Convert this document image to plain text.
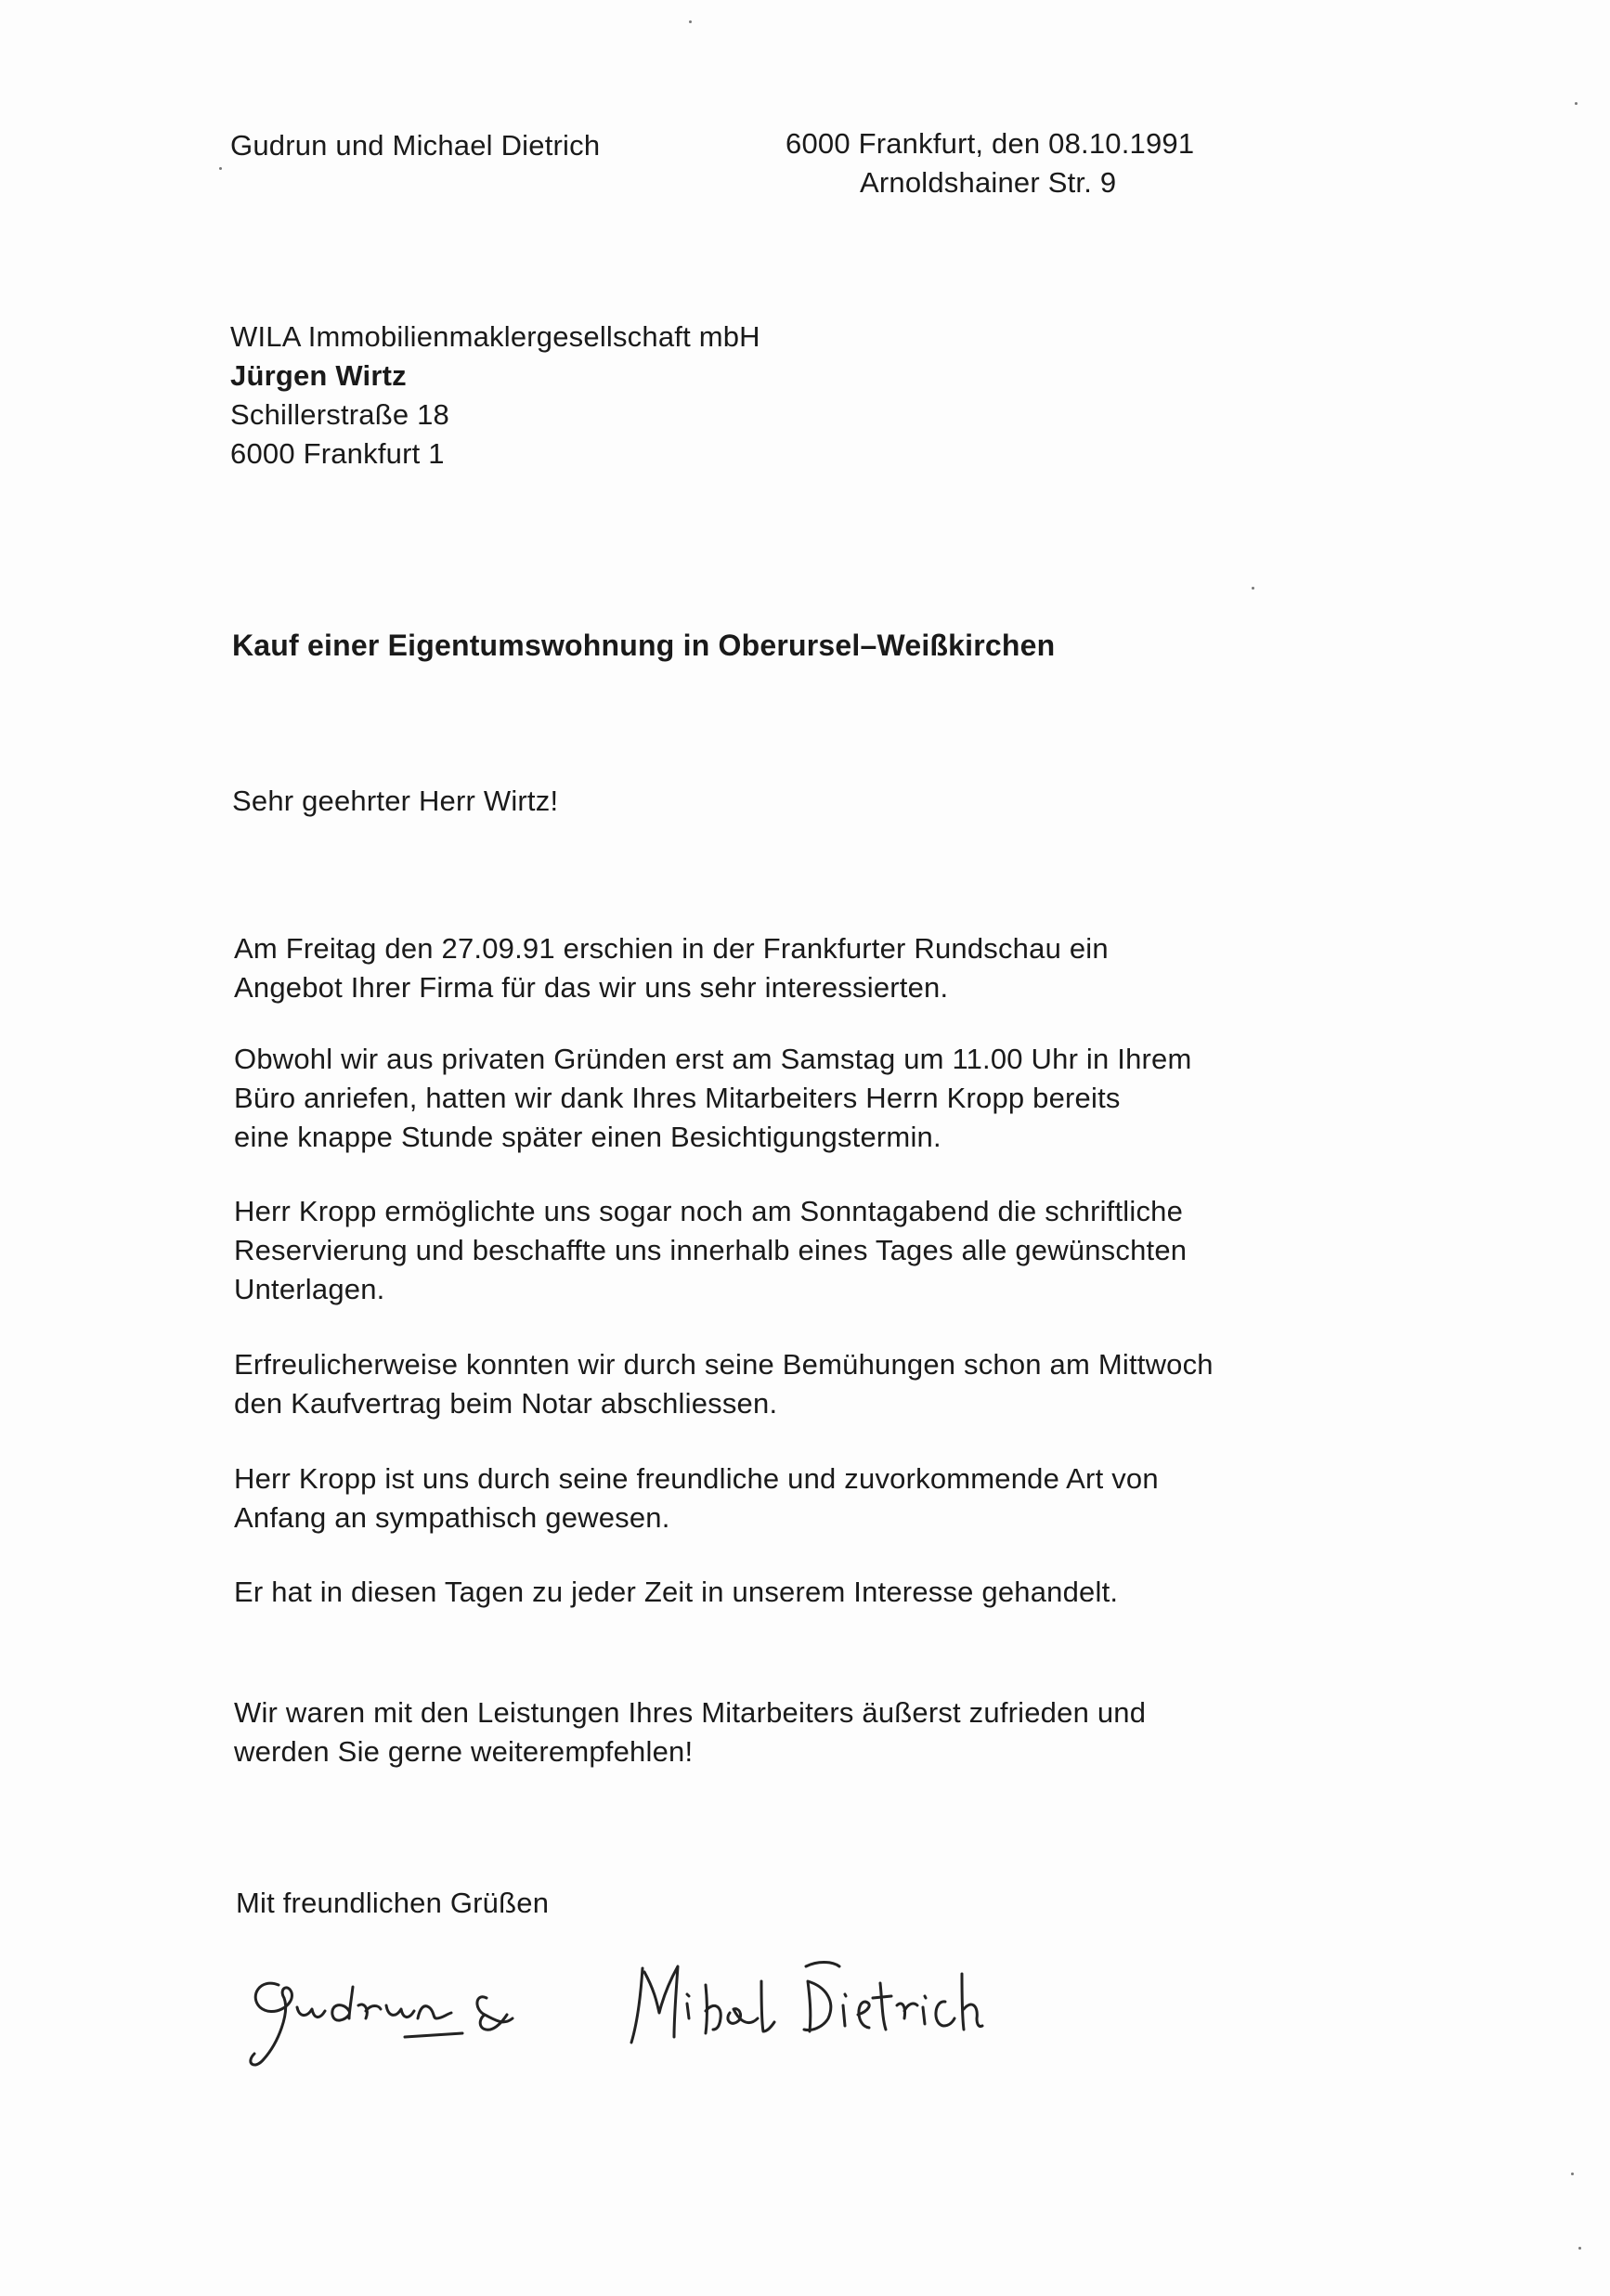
Gudrun und Michael Dietrich	6000 Frankfurt, den 08.10.1991
Arnoldshainer Str. 9
WILA Immobilienmaklergesellschaft mbH
Jürgen Wirtz
Schillerstraße 18
6000 Frankfurt 1
Kauf einer Eigentumswohnung in Oberursel–Weißkirchen
Sehr geehrter Herr Wirtz!
Am Freitag den 27.09.91 erschien in der Frankfurter Rundschau ein
Angebot Ihrer Firma für das wir uns sehr interessierten.
Obwohl wir aus privaten Gründen erst am Samstag um 11.00 Uhr in Ihrem
Büro anriefen, hatten wir dank Ihres Mitarbeiters Herrn Kropp bereits
eine knappe Stunde später einen Besichtigungstermin.
Herr Kropp ermöglichte uns sogar noch am Sonntagabend die schriftliche
Reservierung und beschaffte uns innerhalb eines Tages alle gewünschten
Unterlagen.
Erfreulicherweise konnten wir durch seine Bemühungen schon am Mittwoch
den Kaufvertrag beim Notar abschliessen.
Herr Kropp ist uns durch seine freundliche und zuvorkommende Art von
Anfang an sympathisch gewesen.
Er hat in diesen Tagen zu jeder Zeit in unserem Interesse gehandelt.
Wir waren mit den Leistungen Ihres Mitarbeiters äußerst zufrieden und
werden Sie gerne weiterempfehlen!
Mit freundlichen Grüßen
